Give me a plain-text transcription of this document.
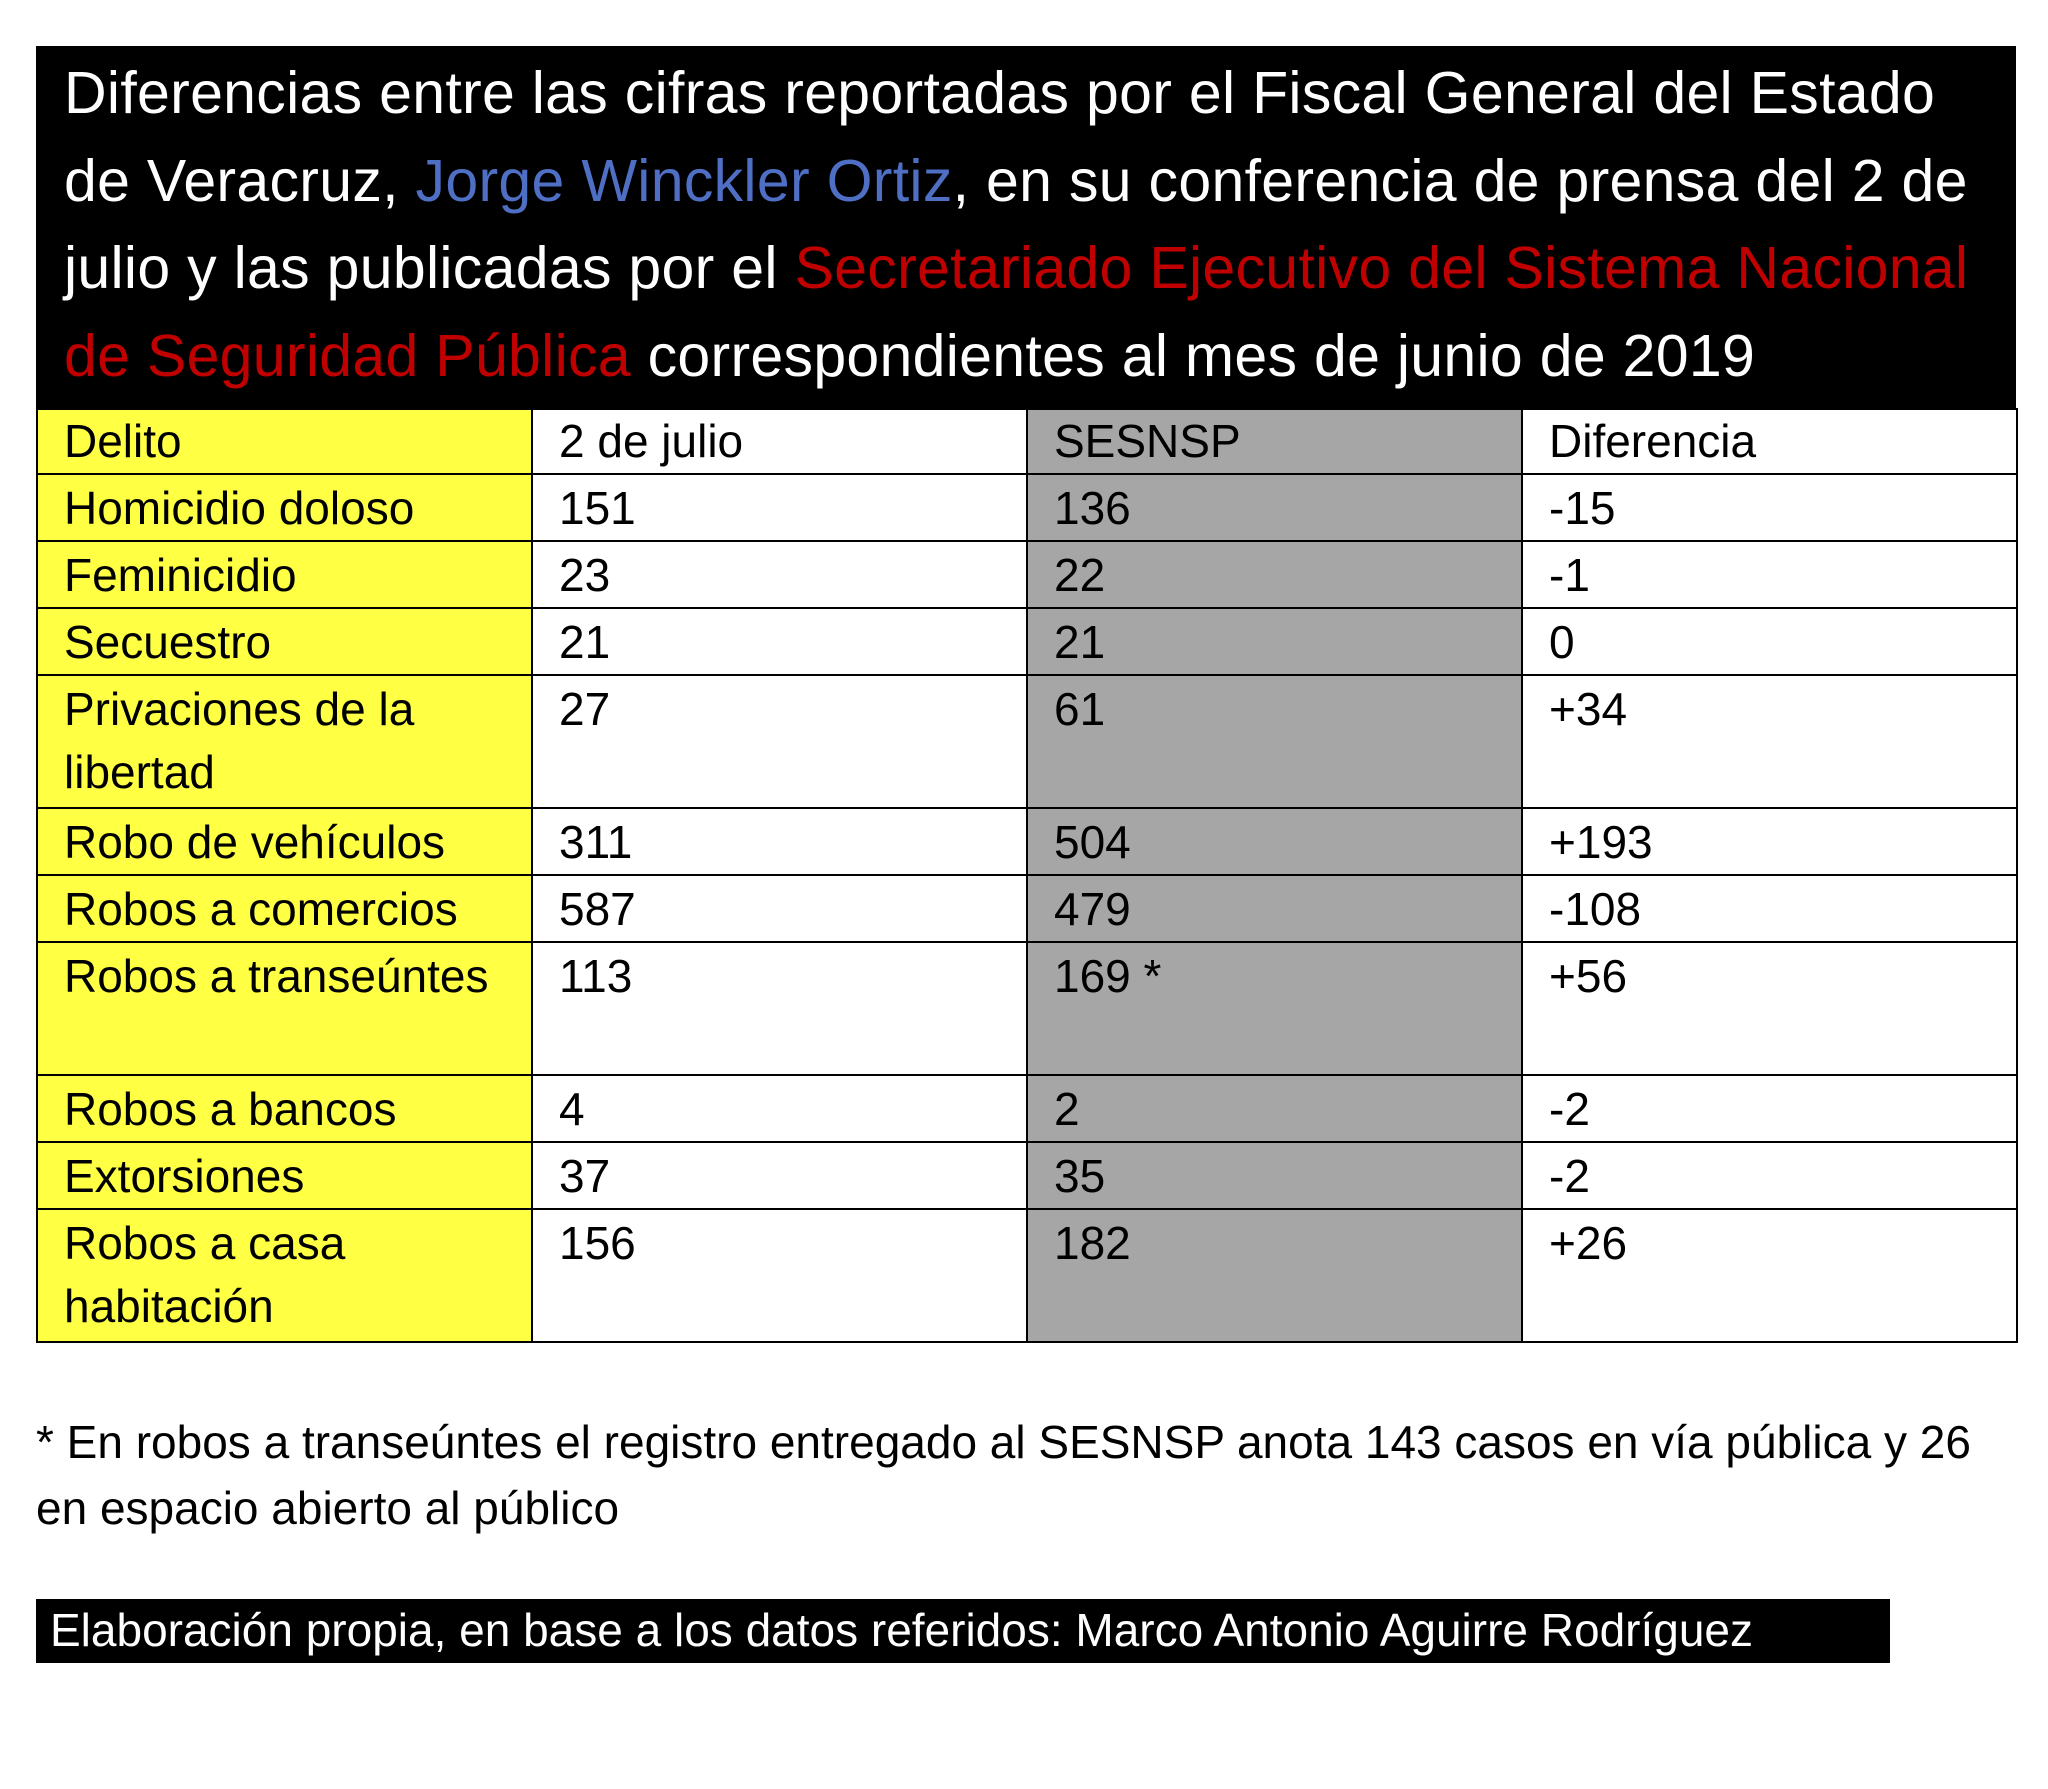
Diferencias entre las cifras reportadas por el Fiscal General del Estado de Veracruz, Jorge Winckler Ortiz, en su conferencia de prensa del 2 de julio y las publicadas por el Secretariado Ejecutivo del Sistema Nacional de Seguridad Pública correspondientes al mes de junio de 2019
Delito	2 de julio	SESNSP	Diferencia
Homicidio doloso	151	136	-15
Feminicidio	23	22	-1
Secuestro	21	21	0
Privaciones de la libertad	27	61	+34
Robo de vehículos	311	504	+193
Robos a comercios	587	479	-108
Robos a transeúntes	113	169 *	+56
Robos a bancos	4	2	-2
Extorsiones	37	35	-2
Robos a casa habitación	156	182	+26
* En robos a transeúntes el registro entregado al SESNSP anota 143 casos en vía pública y 26 en espacio abierto al público
Elaboración propia, en base a los datos referidos: Marco Antonio Aguirre Rodríguez
